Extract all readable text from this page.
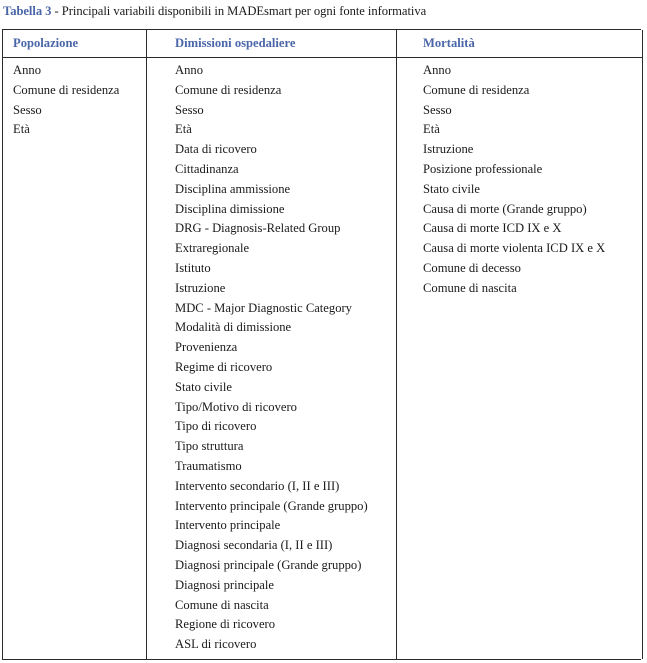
Tabella 3 - Principali variabili disponibili in MADEsmart per ogni fonte informativa
Popolazione
Anno
Comune di residenza
Sesso
Età
Dimissioni ospedaliere
Anno
Comune di residenza
Sesso
Età
Data di ricovero
Cittadinanza
Disciplina ammissione
Disciplina dimissione
DRG - Diagnosis-Related Group
Extraregionale
Istituto
Istruzione
MDC - Major Diagnostic Category
Modalità di dimissione
Provenienza
Regime di ricovero
Stato civile
Tipo/Motivo di ricovero
Tipo di ricovero
Tipo struttura
Traumatismo
Intervento secondario (I, II e III)
Intervento principale (Grande gruppo)
Intervento principale
Diagnosi secondaria (I, II e III)
Diagnosi principale (Grande gruppo)
Diagnosi principale
Comune di nascita
Regione di ricovero
ASL di ricovero
Mortalità
Anno
Comune di residenza
Sesso
Età
Istruzione
Posizione professionale
Stato civile
Causa di morte (Grande gruppo)
Causa di morte ICD IX e X
Causa di morte violenta ICD IX e X
Comune di decesso
Comune di nascita
